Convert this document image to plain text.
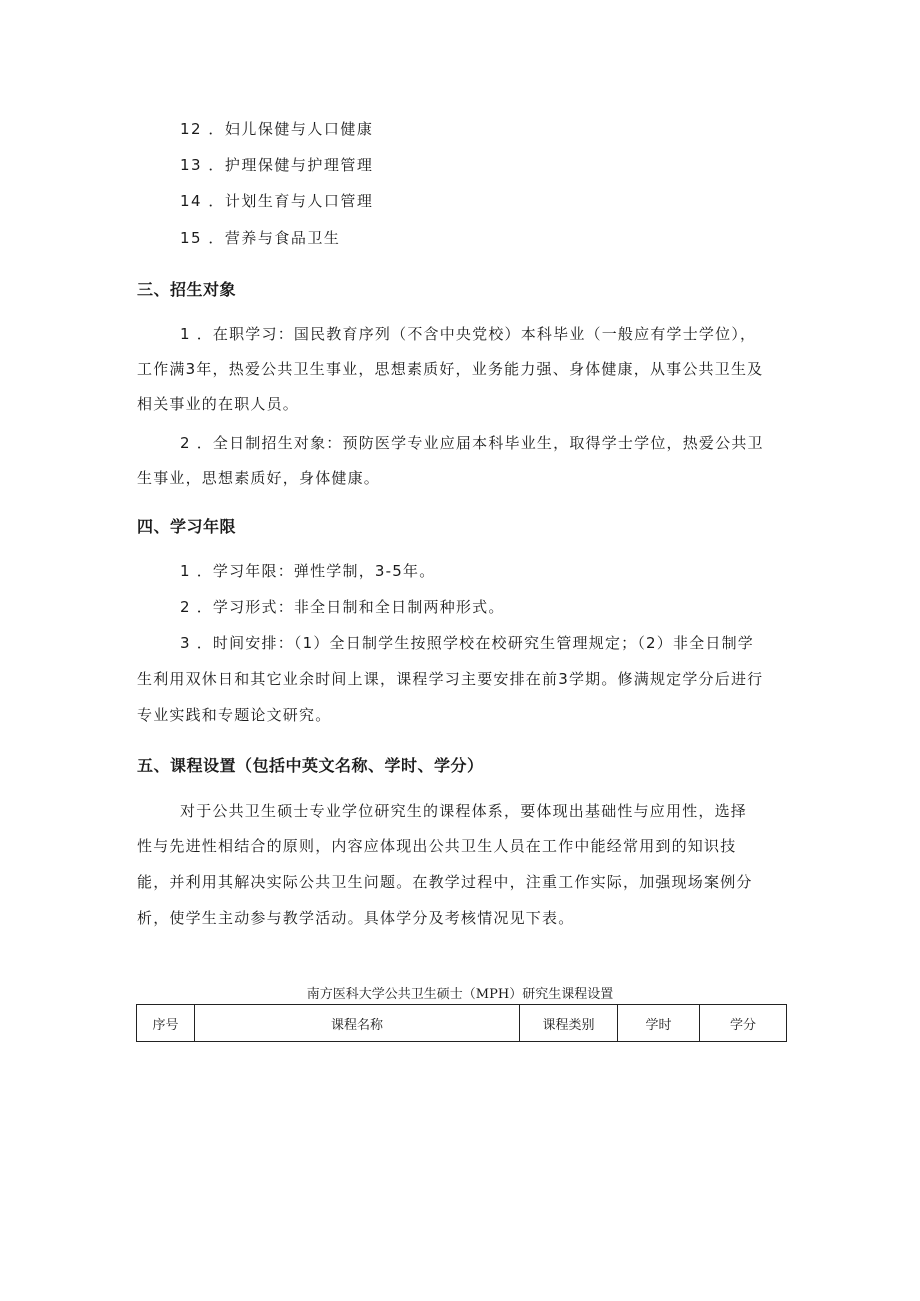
12 ．妇儿保健与人口健康
13 ．护理保健与护理管理
14 ．计划生育与人口管理
15 ．营养与食品卫生
三、招生对象
1 ．在职学习：国民教育序列（不含中央党校）本科毕业（一般应有学士学位），
工作满3年，热爱公共卫生事业，思想素质好，业务能力强、身体健康，从事公共卫生及
相关事业的在职人员。
2 ．全日制招生对象：预防医学专业应届本科毕业生，取得学士学位，热爱公共卫
生事业，思想素质好，身体健康。
四、学习年限
1 ．学习年限：弹性学制，3-5年。
2 ．学习形式：非全日制和全日制两种形式。
3 ．时间安排：（1）全日制学生按照学校在校研究生管理规定；（2）非全日制学
生利用双休日和其它业余时间上课，课程学习主要安排在前3学期。修满规定学分后进行
专业实践和专题论文研究。
五、课程设置（包括中英文名称、学时、学分）
对于公共卫生硕士专业学位研究生的课程体系，要体现出基础性与应用性，选择
性与先进性相结合的原则，内容应体现出公共卫生人员在工作中能经常用到的知识技
能，并利用其解决实际公共卫生问题。在教学过程中，注重工作实际，加强现场案例分
析，使学生主动参与教学活动。具体学分及考核情况见下表。
南方医科大学公共卫生硕士（MPH）研究生课程设置
序号	课程名称	课程类别	学时	学分
